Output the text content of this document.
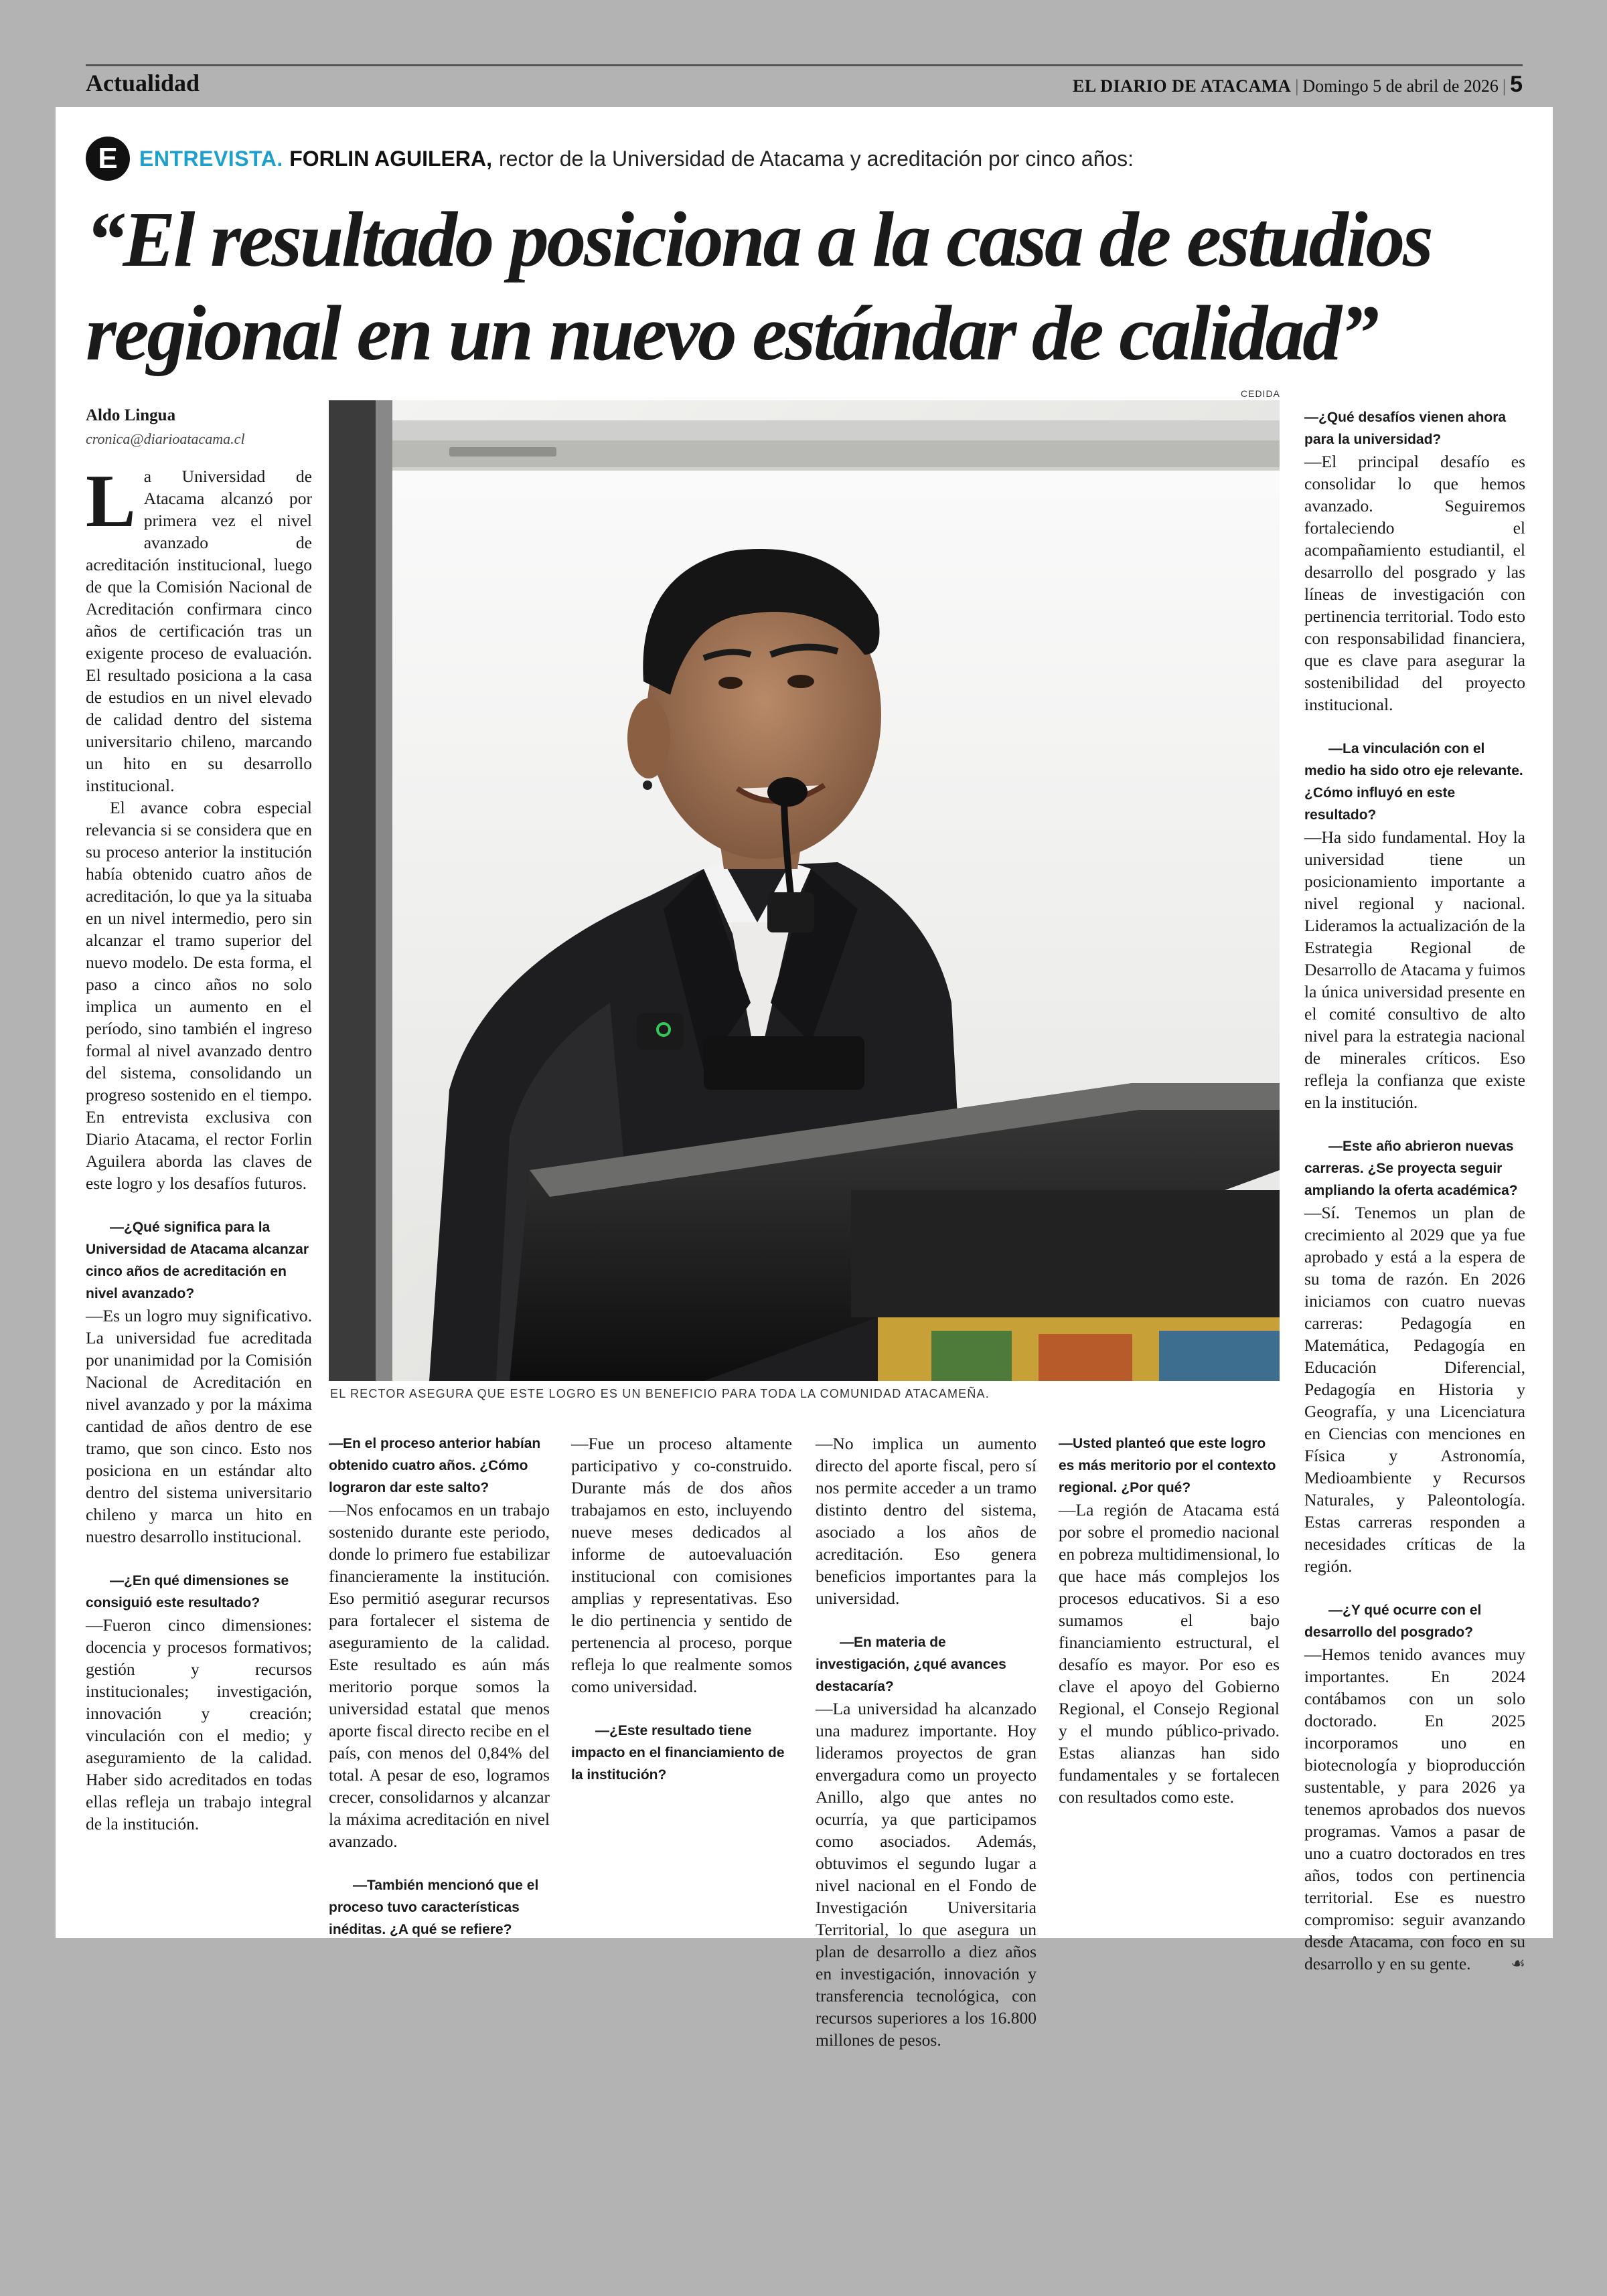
Actualidad	EL DIARIO DE ATACAMA | Domingo 5 de abril de 2026 | 5
E	ENTREVISTA . FORLIN AGUILERA, rector de la Universidad de Atacama y acreditación por cinco años:
“El resultado posiciona a la casa de estudios
regional en un nuevo estándar de calidad”
Aldo Lingua
cronica@diarioatacama.cl
CEDIDA
EL RECTOR ASEGURA QUE ESTE LOGRO ES UN BENEFICIO PARA TODA LA COMUNIDAD ATACAMEÑA.

La Universidad de Atacama alcanzó por primera vez el nivel avanzado de acreditación institucional, luego de que la Comisión Nacional de Acreditación confirmara cinco años de certificación tras un exigente proceso de evaluación. El resultado posiciona a la casa de estudios en un nivel elevado de calidad dentro del sistema universitario chileno, marcando un hito en su desarrollo institucional.

El avance cobra especial relevancia si se considera que en su proceso anterior la institución había obtenido cuatro años de acreditación, lo que ya la situaba en un nivel intermedio, pero sin alcanzar el tramo superior del nuevo modelo. De esta forma, el paso a cinco años no solo implica un aumento en el período, sino también el ingreso formal al nivel avanzado dentro del sistema, consolidando un progreso sostenido en el tiempo. En entrevista exclusiva con Diario Atacama, el rector Forlin Aguilera aborda las claves de este logro y los desafíos futuros.

—¿Qué significa para la Universidad de Atacama alcanzar cinco años de acreditación en nivel avanzado?

—Es un logro muy significativo. La universidad fue acreditada por unanimidad por la Comisión Nacional de Acreditación en nivel avanzado y por la máxima cantidad de años dentro de ese tramo, que son cinco. Esto nos posiciona en un estándar alto dentro del sistema universitario chileno y marca un hito en nuestro desarrollo institucional.

—¿En qué dimensiones se consiguió este resultado?

—Fueron cinco dimensiones: docencia y procesos formativos; gestión y recursos institucionales; investigación, innovación y creación; vinculación con el medio; y aseguramiento de la calidad. Haber sido acreditados en todas ellas refleja un trabajo integral de la institución.

—En el proceso anterior habían obtenido cuatro años. ¿Cómo lograron dar este salto?

—Nos enfocamos en un trabajo sostenido durante este periodo, donde lo primero fue estabilizar financieramente la institución. Eso permitió asegurar recursos para fortalecer el sistema de aseguramiento de la calidad. Este resultado es aún más meritorio porque somos la universidad estatal que menos aporte fiscal directo recibe en el país, con menos del 0,84% del total. A pesar de eso, logramos crecer, consolidarnos y alcanzar la máxima acreditación en nivel avanzado.

—También mencionó que el proceso tuvo características inéditas. ¿A qué se refiere?

—Fue un proceso altamente participativo y co-construido. Durante más de dos años trabajamos en esto, incluyendo nueve meses dedicados al informe de autoevaluación institucional con comisiones amplias y representativas. Eso le dio pertinencia y sentido de pertenencia al proceso, porque refleja lo que realmente somos como universidad.

—¿Este resultado tiene impacto en el financiamiento de la institución?

—No implica un aumento directo del aporte fiscal, pero sí nos permite acceder a un tramo distinto dentro del sistema, asociado a los años de acreditación. Eso genera beneficios importantes para la universidad.

—En materia de investigación, ¿qué avances destacaría?

—La universidad ha alcanzado una madurez importante. Hoy lideramos proyectos de gran envergadura como un proyecto Anillo, algo que antes no ocurría, ya que participamos como asociados. Además, obtuvimos el segundo lugar a nivel nacional en el Fondo de Investigación Universitaria Territorial, lo que asegura un plan de desarrollo a diez años en investigación, innovación y transferencia tecnológica, con recursos superiores a los 16.800 millones de pesos.

—Usted planteó que este logro es más meritorio por el contexto regional. ¿Por qué?

—La región de Atacama está por sobre el promedio nacional en pobreza multidimensional, lo que hace más complejos los procesos educativos. Si a eso sumamos el bajo financiamiento estructural, el desafío es mayor. Por eso es clave el apoyo del Gobierno Regional, el Consejo Regional y el mundo público-privado. Estas alianzas han sido fundamentales y se fortalecen con resultados como este.

—¿Qué desafíos vienen ahora para la universidad?

—El principal desafío es consolidar lo que hemos avanzado. Seguiremos fortaleciendo el acompañamiento estudiantil, el desarrollo del posgrado y las líneas de investigación con pertinencia territorial. Todo esto con responsabilidad financiera, que es clave para asegurar la sostenibilidad del proyecto institucional.

—La vinculación con el medio ha sido otro eje relevante. ¿Cómo influyó en este resultado?

—Ha sido fundamental. Hoy la universidad tiene un posicionamiento importante a nivel regional y nacional. Lideramos la actualización de la Estrategia Regional de Desarrollo de Atacama y fuimos la única universidad presente en el comité consultivo de alto nivel para la estrategia nacional de minerales críticos. Eso refleja la confianza que existe en la institución.

—Este año abrieron nuevas carreras. ¿Se proyecta seguir ampliando la oferta académica?

—Sí. Tenemos un plan de crecimiento al 2029 que ya fue aprobado y está a la espera de su toma de razón. En 2026 iniciamos con cuatro nuevas carreras: Pedagogía en Matemática, Pedagogía en Educación Diferencial, Pedagogía en Historia y Geografía, y una Licenciatura en Ciencias con menciones en Física y Astronomía, Medioambiente y Recursos Naturales, y Paleontología. Estas carreras responden a necesidades críticas de la región.

—¿Y qué ocurre con el desarrollo del posgrado?

—Hemos tenido avances muy importantes. En 2024 contábamos con un solo doctorado. En 2025 incorporamos uno en biotecnología y bioproducción sustentable, y para 2026 ya tenemos aprobados dos nuevos programas. Vamos a pasar de uno a cuatro doctorados en tres años, todos con pertinencia territorial. Ese es nuestro compromiso: seguir avanzando desde Atacama, con foco en su desarrollo y en su gente. ☙
